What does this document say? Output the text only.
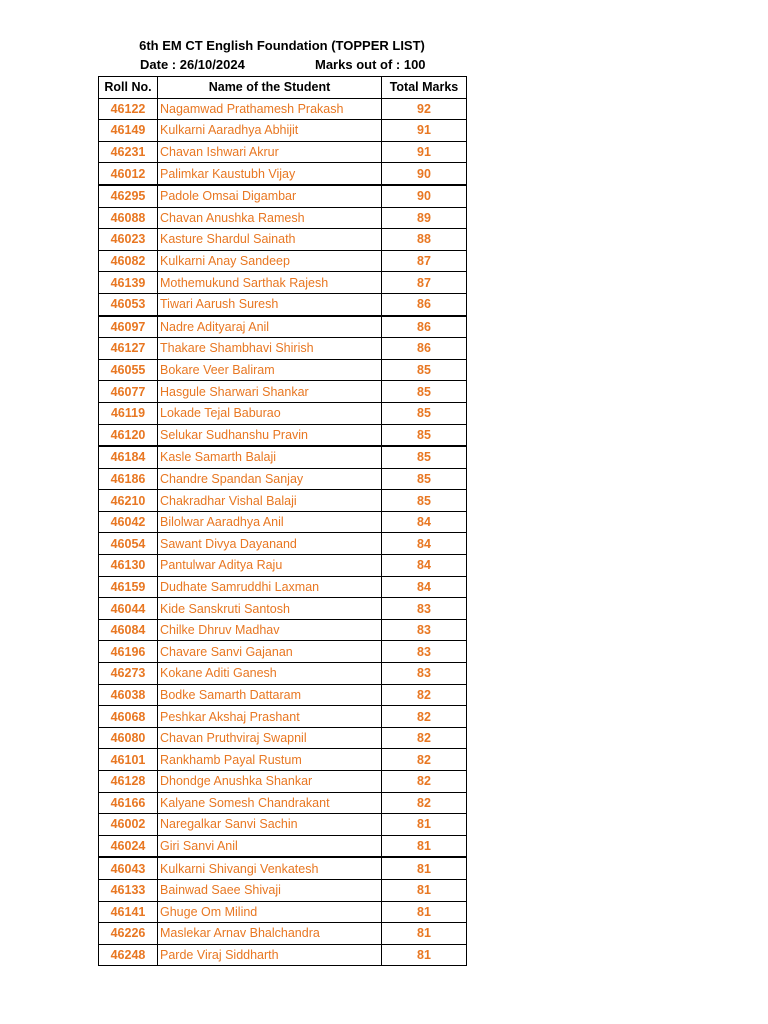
6th EM CT English Foundation (TOPPER LIST)
Date : 26/10/2024	Marks out of : 100
Roll No.	Name of the Student	Total Marks
46122	Nagamwad Prathamesh Prakash	92
46149	Kulkarni Aaradhya Abhijit	91
46231	Chavan Ishwari Akrur	91
46012	Palimkar Kaustubh Vijay	90
46295	Padole Omsai Digambar	90
46088	Chavan Anushka Ramesh	89
46023	Kasture Shardul Sainath	88
46082	Kulkarni Anay Sandeep	87
46139	Mothemukund Sarthak Rajesh	87
46053	Tiwari Aarush Suresh	86
46097	Nadre Adityaraj Anil	86
46127	Thakare Shambhavi Shirish	86
46055	Bokare Veer Baliram	85
46077	Hasgule Sharwari Shankar	85
46119	Lokade Tejal Baburao	85
46120	Selukar Sudhanshu Pravin	85
46184	Kasle Samarth Balaji	85
46186	Chandre Spandan Sanjay	85
46210	Chakradhar Vishal Balaji	85
46042	Bilolwar Aaradhya Anil	84
46054	Sawant Divya Dayanand	84
46130	Pantulwar Aditya Raju	84
46159	Dudhate Samruddhi Laxman	84
46044	Kide Sanskruti Santosh	83
46084	Chilke Dhruv Madhav	83
46196	Chavare Sanvi Gajanan	83
46273	Kokane Aditi Ganesh	83
46038	Bodke Samarth Dattaram	82
46068	Peshkar Akshaj Prashant	82
46080	Chavan Pruthviraj Swapnil	82
46101	Rankhamb Payal Rustum	82
46128	Dhondge Anushka Shankar	82
46166	Kalyane Somesh Chandrakant	82
46002	Naregalkar Sanvi Sachin	81
46024	Giri Sanvi Anil	81
46043	Kulkarni Shivangi Venkatesh	81
46133	Bainwad Saee Shivaji	81
46141	Ghuge Om Milind	81
46226	Maslekar Arnav Bhalchandra	81
46248	Parde Viraj Siddharth	81
